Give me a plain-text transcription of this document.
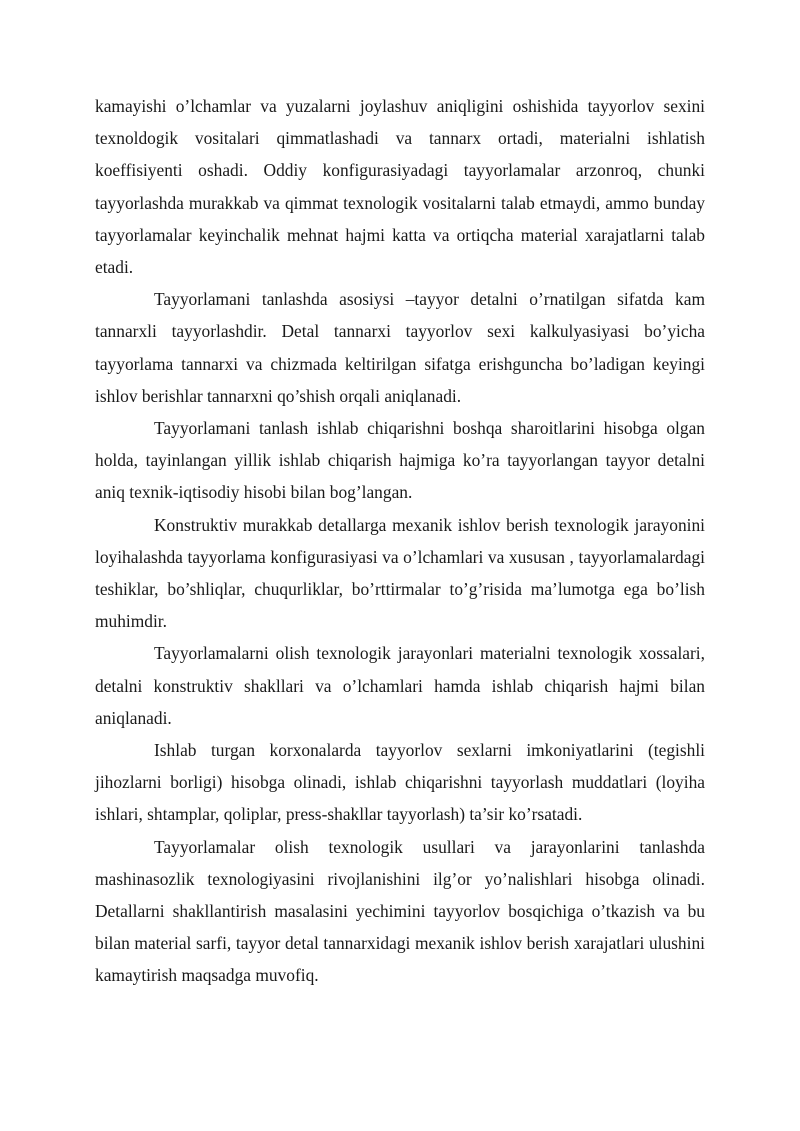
kamayishi o’lchamlar va yuzalarni joylashuv aniqligini oshishida tayyorlov sexini texnoldogik vositalari qimmatlashadi va tannarx ortadi, materialni ishlatish koeffisiyenti oshadi. Oddiy konfigurasiyadagi tayyorlamalar arzonroq, chunki tayyorlashda murakkab va qimmat texnologik vositalarni talab etmaydi, ammo bunday tayyorlamalar keyinchalik mehnat hajmi katta va ortiqcha material xarajatlarni talab etadi.

Tayyorlamani tanlashda asosiysi –tayyor detalni o’rnatilgan sifatda kam tannarxli tayyorlashdir. Detal tannarxi tayyorlov sexi kalkulyasiyasi bo’yicha tayyorlama tannarxi va chizmada keltirilgan sifatga erishguncha bo’ladigan keyingi ishlov berishlar tannarxni qo’shish orqali aniqlanadi.

Tayyorlamani tanlash ishlab chiqarishni boshqa sharoitlarini hisobga olgan holda, tayinlangan yillik ishlab chiqarish hajmiga ko’ra tayyorlangan tayyor detalni aniq texnik-iqtisodiy hisobi bilan bog’langan.

Konstruktiv murakkab detallarga mexanik ishlov berish texnologik jarayonini loyihalashda tayyorlama konfigurasiyasi va o’lchamlari va xususan , tayyorlamalardagi teshiklar, bo’shliqlar, chuqurliklar, bo’rttirmalar to’g’risida ma’lumotga ega bo’lish muhimdir.

Tayyorlamalarni olish texnologik jarayonlari materialni texnologik xossalari, detalni konstruktiv shakllari va o’lchamlari hamda ishlab chiqarish hajmi bilan aniqlanadi.

Ishlab turgan korxonalarda tayyorlov sexlarni imkoniyatlarini (tegishli jihozlarni borligi) hisobga olinadi, ishlab chiqarishni tayyorlash muddatlari (loyiha ishlari, shtamplar, qoliplar, press-shakllar tayyorlash) ta’sir ko’rsatadi.

Tayyorlamalar olish texnologik usullari va jarayonlarini tanlashda mashinasozlik texnologiyasini rivojlanishini ilg’or yo’nalishlari hisobga olinadi. Detallarni shakllantirish masalasini yechimini tayyorlov bosqichiga o’tkazish va bu bilan material sarfi, tayyor detal tannarxidagi mexanik ishlov berish xarajatlari ulushini kamaytirish maqsadga muvofiq.
